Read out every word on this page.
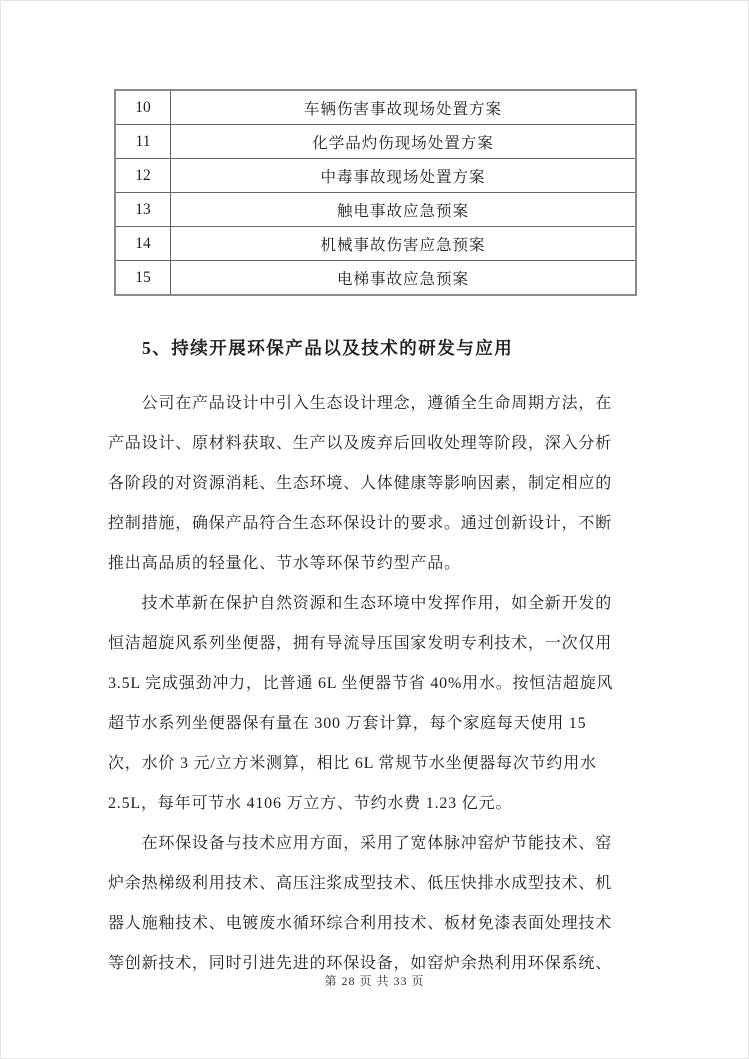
10	车辆伤害事故现场处置方案
11	化学品灼伤现场处置方案
12	中毒事故现场处置方案
13	触电事故应急预案
14	机械事故伤害应急预案
15	电梯事故应急预案
5、持续开展环保产品以及技术的研发与应用
　　公司在产品设计中引入生态设计理念，遵循全生命周期方法，在
产品设计、原材料获取、生产以及废弃后回收处理等阶段，深入分析
各阶段的对资源消耗、生态环境、人体健康等影响因素，制定相应的
控制措施，确保产品符合生态环保设计的要求。通过创新设计，不断
推出高品质的轻量化、节水等环保节约型产品。
　　技术革新在保护自然资源和生态环境中发挥作用，如全新开发的
恒洁超旋风系列坐便器，拥有导流导压国家发明专利技术，一次仅用
3.5L 完成强劲冲力，比普通 6L 坐便器节省 40%用水。按恒洁超旋风
超节水系列坐便器保有量在 300 万套计算，每个家庭每天使用 15
次，水价 3 元/立方米测算，相比 6L 常规节水坐便器每次节约用水
2.5L，每年可节水 4106 万立方、节约水费 1.23 亿元。
　　在环保设备与技术应用方面，采用了宽体脉冲窑炉节能技术、窑
炉余热梯级利用技术、高压注浆成型技术、低压快排水成型技术、机
器人施釉技术、电镀废水循环综合利用技术、板材免漆表面处理技术
等创新技术，同时引进先进的环保设备，如窑炉余热利用环保系统、
第 28 页 共 33 页
